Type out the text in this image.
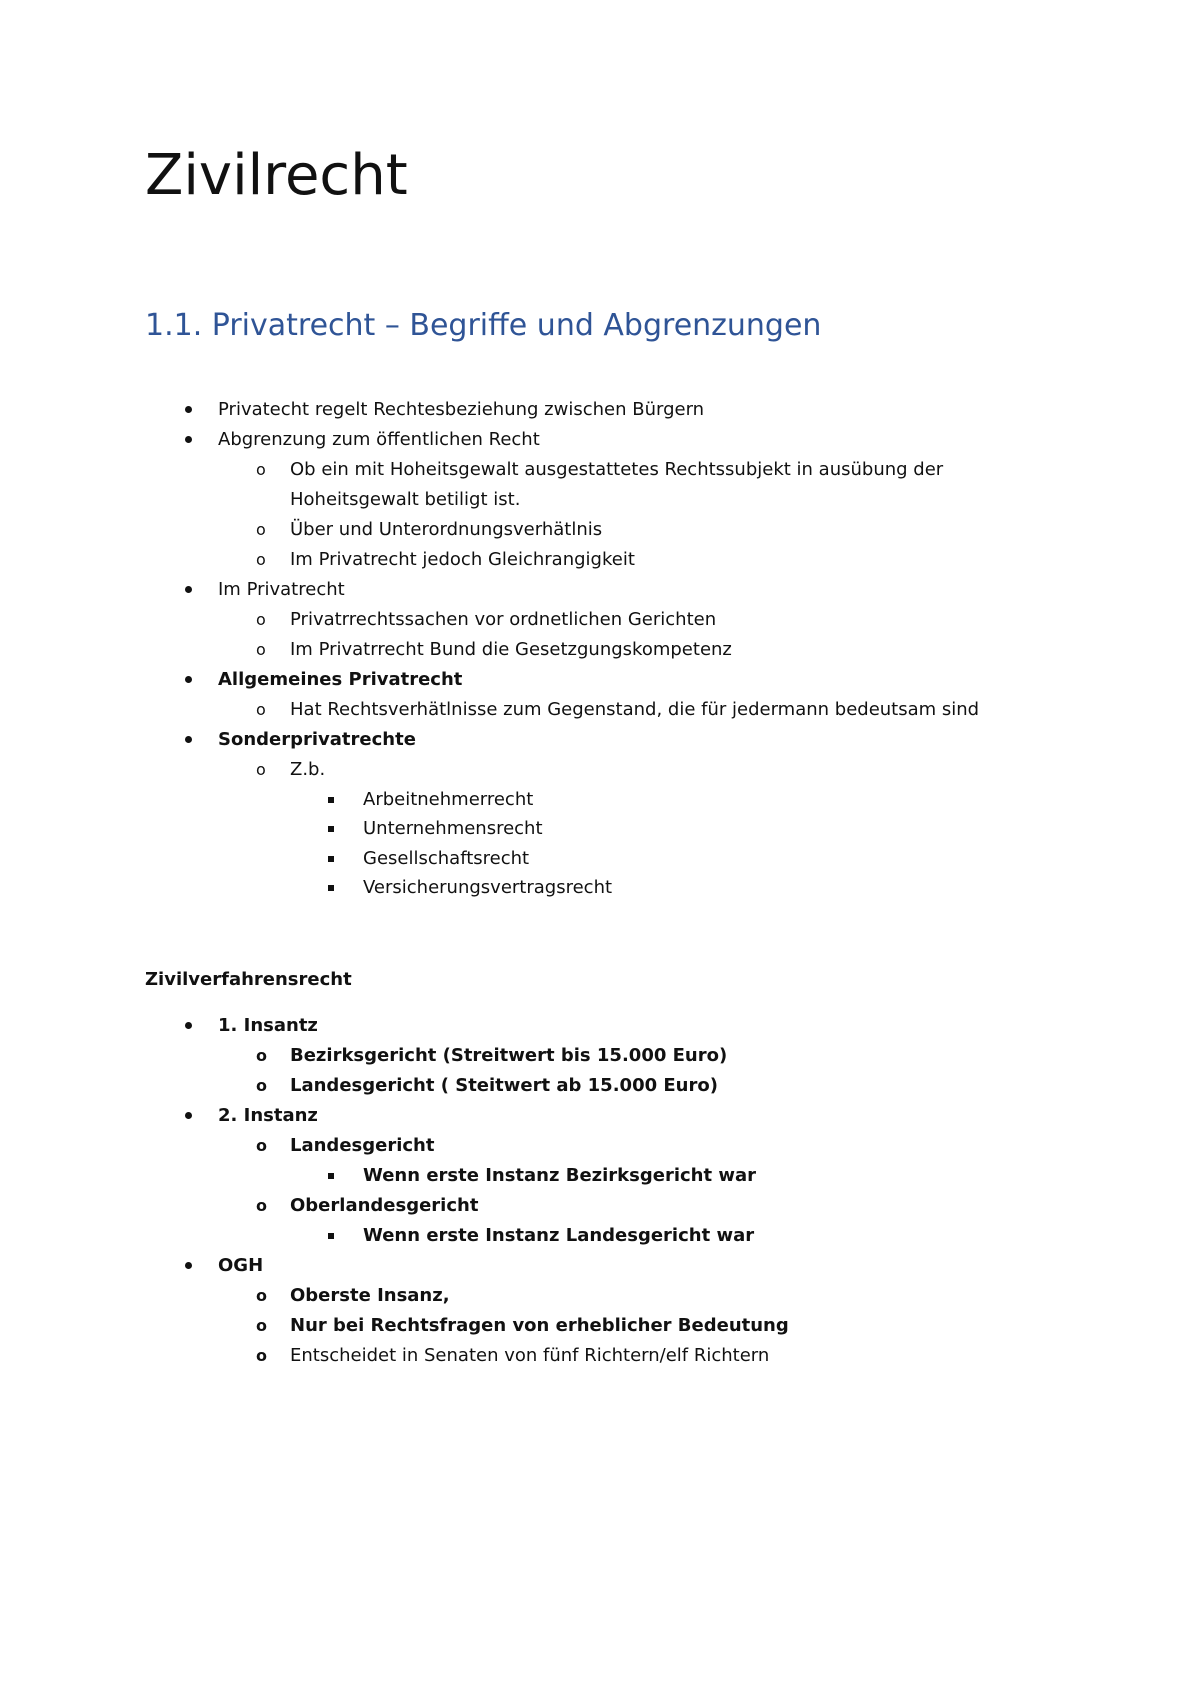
Zivilrecht
1.1. Privatrecht – Begriffe und Abgrenzungen
Privatecht regelt Rechtesbeziehung zwischen Bürgern
Abgrenzung zum öffentlichen Recht
o Ob ein mit Hoheitsgewalt ausgestattetes Rechtssubjekt in ausübung der
Hoheitsgewalt betiligt ist.
o Über und Unterordnungsverhätlnis
o Im Privatrecht jedoch Gleichrangigkeit
Im Privatrecht
o Privatrrechtssachen vor ordnetlichen Gerichten
o Im Privatrrecht Bund die Gesetzgungskompetenz
Allgemeines Privatrecht
o Hat Rechtsverhätlnisse zum Gegenstand, die für jedermann bedeutsam sind
Sonderprivatrechte
o Z.b.
Arbeitnehmerrecht
Unternehmensrecht
Gesellschaftsrecht
Versicherungsvertragsrecht
Zivilverfahrensrecht
1. Insantz
o Bezirksgericht (Streitwert bis 15.000 Euro)
o Landesgericht ( Steitwert ab 15.000 Euro)
2. Instanz
o Landesgericht
Wenn erste Instanz Bezirksgericht war
o Oberlandesgericht
Wenn erste Instanz Landesgericht war
OGH
o Oberste Insanz,
o Nur bei Rechtsfragen von erheblicher Bedeutung
o Entscheidet in Senaten von fünf Richtern/elf Richtern
